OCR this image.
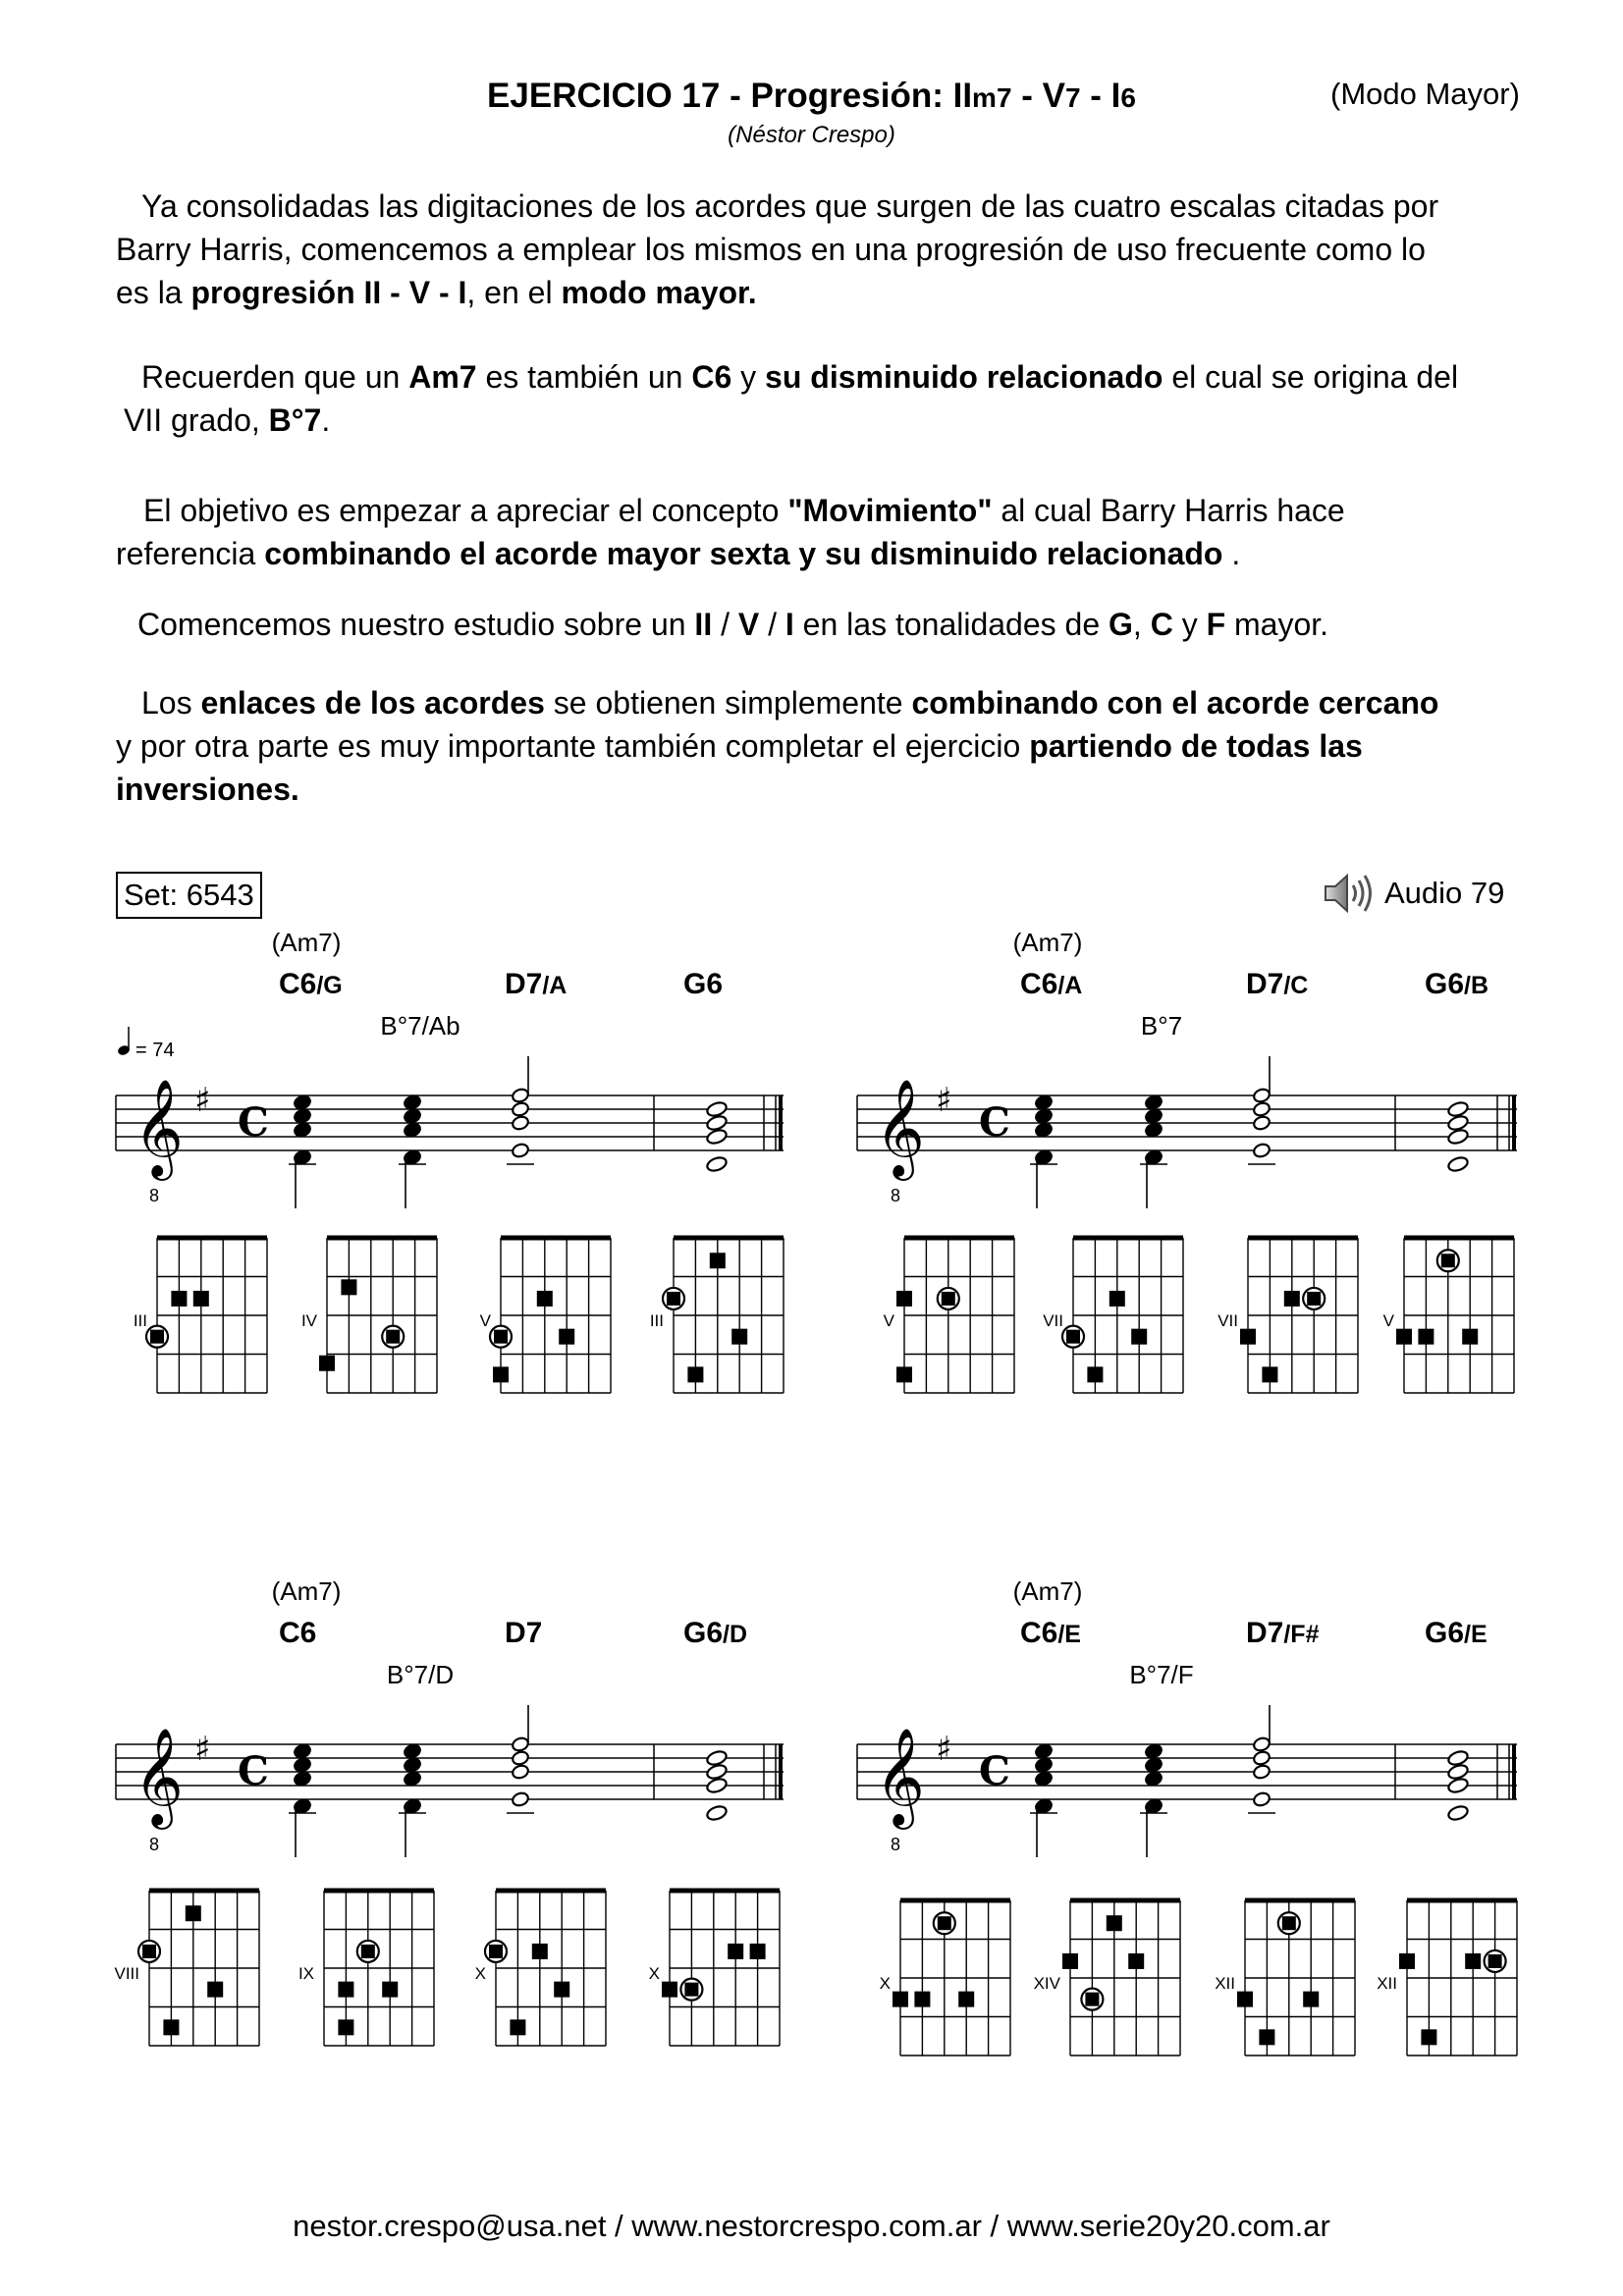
EJERCICIO 17 - Progresión: IIm7 - V7 - I6	(Modo Mayor)
(Néstor Crespo)
Ya consolidadas las digitaciones de los acordes que surgen de las cuatro escalas citadas por
Barry Harris, comencemos a emplear los mismos en una progresión de uso frecuente como lo
es la progresión II - V - I, en el modo mayor.
Recuerden que un Am7 es también un C6 y su disminuido relacionado el cual se origina del
VII grado, B°7.
El objetivo es empezar a apreciar el concepto "Movimiento" al cual Barry Harris hace
referencia combinando el acorde mayor sexta y su disminuido relacionado .
Comencemos nuestro estudio sobre un II / V / I en las tonalidades de G, C y F mayor.
Los enlaces de los acordes se obtienen simplemente combinando con el acorde cercano
y por otra parte es muy importante también completar el ejercicio partiendo de todas las
inversiones.
Set: 6543	Audio 79
𝄞
8
♯ C
(Am7)
C6/G
B°7/Ab
D7/A	G6
= 74
𝄞
8
♯ C
(Am7)
C6/A
B°7
D7/C	G6/B
𝄞
8
♯ C
(Am7)
C6
B°7/D
D7	G6/D
𝄞
8
♯ C
(Am7)
C6/E
B°7/F
D7/F#	G6/E
III	IV	V	III	V	VII	VII	V
VIII	IX	X	X
X	XIV	XII	XII
nestor.crespo@usa.net / www.nestorcrespo.com.ar / www.serie20y20.com.ar
